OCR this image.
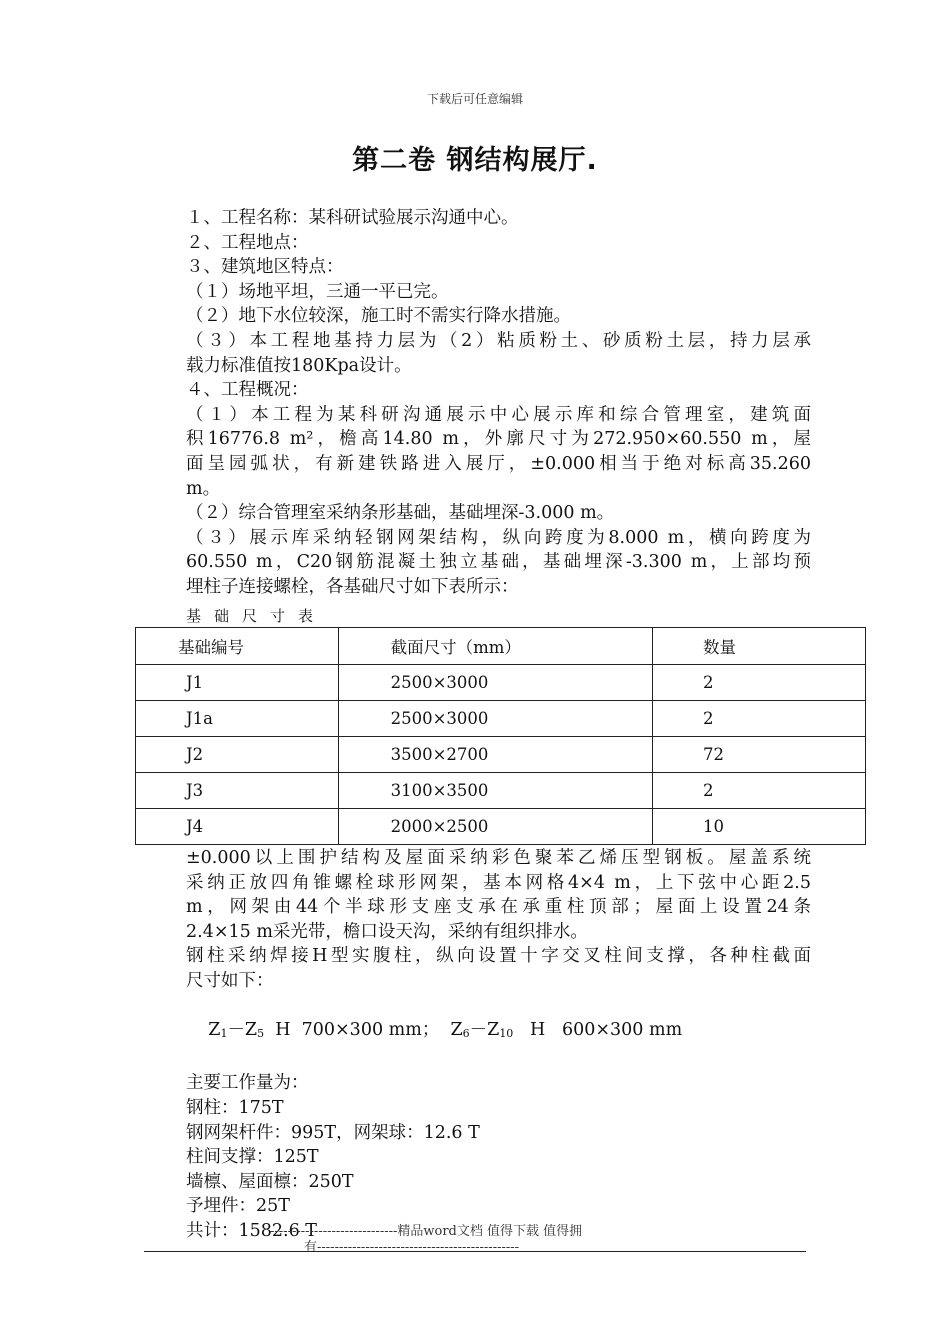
下载后可任意编辑
第二卷 钢结构展厅.
１、工程名称：某科研试验展示沟通中心。
２、工程地点：
３、建筑地区特点：
（１）场地平坦，三通一平已完。
（２）地下水位较深，施工时不需实行降水措施。
（３）本工程地基持力层为（2）粘质粉土、砂质粉土层，持力层承
载力标准值按180Kpa设计。
４、工程概况：
（１）本工程为某科研沟通展示中心展示库和综合管理室，建筑面
积16776.8 m²，檐高14.80 m，外廓尺寸为272.950×60.550 m，屋
面呈园弧状，有新建铁路进入展厅，±0.000相当于绝对标高35.260
m。
（２）综合管理室采纳条形基础，基础埋深-3.000 m。
（３）展示库采纳轻钢网架结构，纵向跨度为8.000 m，横向跨度为
60.550 m，C20钢筋混凝土独立基础，基础埋深-3.300 m，上部均预
埋柱子连接螺栓，各基础尺寸如下表所示：
基础尺寸表
基础编号	截面尺寸（mm）	数量
J1	2500×3000	2
J1a	2500×3000	2
J2	3500×2700	72
J3	3100×3500	2
J4	2000×2500	10
±0.000以上围护结构及屋面采纳彩色聚苯乙烯压型钢板。屋盖系统
采纳正放四角锥螺栓球形网架，基本网格4×4 m，上下弦中心距2.5
m，网架由44个半球形支座支承在承重柱顶部；屋面上设置24条
2.4×15 m采光带，檐口设天沟，采纳有组织排水。
钢柱采纳焊接H型实腹柱，纵向设置十字交叉柱间支撑，各种柱截面
尺寸如下：

$Z_1-Z_5$  H  700×300 mm；  $Z_6-Z_{10}$   H   600×300 mm

主要工作量为：
钢柱：175T
钢网架杆件：995T，网架球：12.6 T
柱间支撑：125T
墙檩、屋面檩：250T
予埋件：25T
共计：1582.6 T
-----------------------------精品word文档 值得下载 值得拥
有----------------------------------------------
